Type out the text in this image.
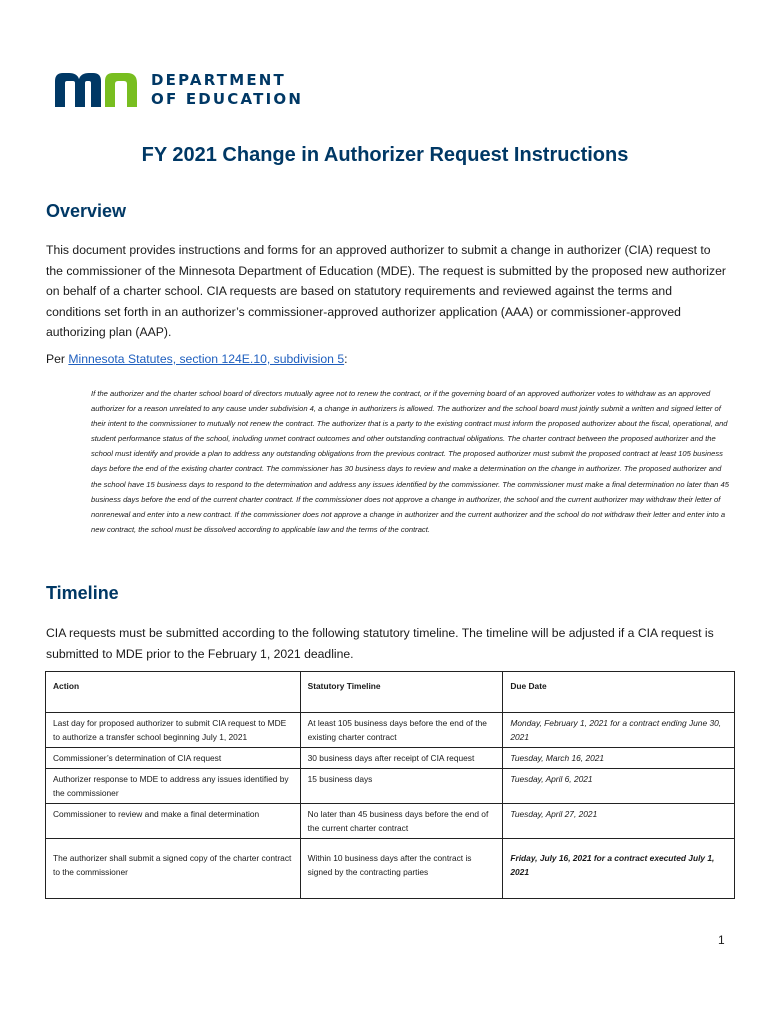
DEPARTMENT
OF EDUCATION
FY 2021 Change in Authorizer Request Instructions
Overview

This document provides instructions and forms for an approved authorizer to submit a change in authorizer (CIA) request to the commissioner of the Minnesota Department of Education (MDE). The request is submitted by the proposed new authorizer on behalf of a charter school. CIA requests are based on statutory requirements and reviewed against the terms and conditions set forth in an authorizer’s commissioner-approved authorizer application (AAA) or commissioner-approved authorizing plan (AAP).

Per Minnesota Statutes, section 124E.10, subdivision 5:

If the authorizer and the charter school board of directors mutually agree not to renew the contract, or if the governing board of an approved authorizer votes to withdraw as an approved authorizer for a reason unrelated to any cause under subdivision 4, a change in authorizers is allowed. The authorizer and the school board must jointly submit a written and signed letter of their intent to the commissioner to mutually not renew the contract. The authorizer that is a party to the existing contract must inform the proposed authorizer about the fiscal, operational, and student performance status of the school, including unmet contract outcomes and other outstanding contractual obligations. The charter contract between the proposed authorizer and the school must identify and provide a plan to address any outstanding obligations from the previous contract. The proposed authorizer must submit the proposed contract at least 105 business days before the end of the existing charter contract. The commissioner has 30 business days to review and make a determination on the change in authorizer. The proposed authorizer and the school have 15 business days to respond to the determination and address any issues identified by the commissioner. The commissioner must make a final determination no later than 45 business days before the end of the current charter contract. If the commissioner does not approve a change in authorizer, the school and the current authorizer may withdraw their letter of nonrenewal and enter into a new contract. If the commissioner does not approve a change in authorizer and the current authorizer and the school do not withdraw their letter and enter into a new contract, the school must be dissolved according to applicable law and the terms of the contract.

Timeline

CIA requests must be submitted according to the following statutory timeline. The timeline will be adjusted if a CIA request is submitted to MDE prior to the February 1, 2021 deadline.

Action	Statutory Timeline	Due Date
Last day for proposed authorizer to submit CIA request to MDE to authorize a transfer school beginning July 1, 2021	At least 105 business days before the end of the existing charter contract	Monday, February 1, 2021 for a contract ending June 30, 2021
Commissioner’s determination of CIA request	30 business days after receipt of CIA request	Tuesday, March 16, 2021
Authorizer response to MDE to address any issues identified by the commissioner	15 business days	Tuesday, April 6, 2021
Commissioner to review and make a final determination	No later than 45 business days before the end of the current charter contract	Tuesday, April 27, 2021
The authorizer shall submit a signed copy of the charter contract to the commissioner	Within 10 business days after the contract is signed by the contracting parties	Friday, July 16, 2021 for a contract executed July 1, 2021
1
